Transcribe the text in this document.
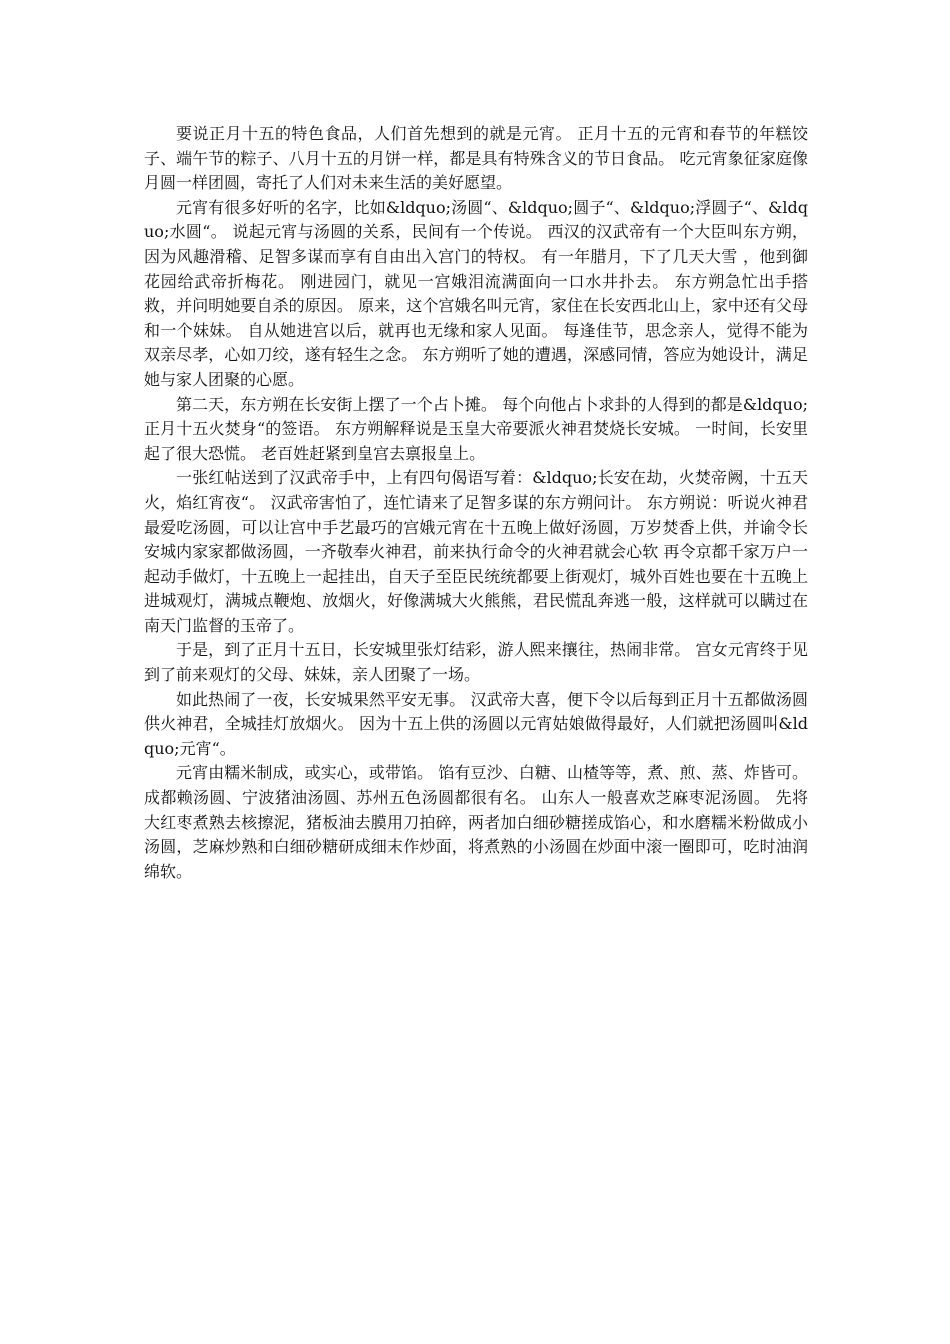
要说正月十五的特色食品，人们首先想到的就是元宵。 正月十五的元宵和春节的年糕饺子、端午节的粽子、八月十五的月饼一样，都是具有特殊含义的节日食品。 吃元宵象征家庭像月圆一样团圆，寄托了人们对未来生活的美好愿望。

元宵有很多好听的名字，比如&ldquo;汤圆“、&ldquo;圆子“、&ldquo;浮圆子“、&ldquo;水圆“。 说起元宵与汤圆的关系，民间有一个传说。 西汉的汉武帝有一个大臣叫东方朔，因为风趣滑稽、足智多谋而享有自由出入宫门的特权。 有一年腊月，下了几天大雪 ，他到御花园给武帝折梅花。 刚进园门，就见一宫娥泪流满面向一口水井扑去。 东方朔急忙出手搭救，并问明她要自杀的原因。 原来，这个宫娥名叫元宵，家住在长安西北山上，家中还有父母和一个妹妹。 自从她进宫以后，就再也无缘和家人见面。 每逢佳节，思念亲人，觉得不能为双亲尽孝，心如刀绞，遂有轻生之念。 东方朔听了她的遭遇，深感同情，答应为她设计，满足她与家人团聚的心愿。

第二天，东方朔在长安街上摆了一个占卜摊。 每个向他占卜求卦的人得到的都是&ldquo;正月十五火焚身“的签语。 东方朔解释说是玉皇大帝要派火神君焚烧长安城。 一时间，长安里起了很大恐慌。 老百姓赶紧到皇宫去禀报皇上。

一张红帖送到了汉武帝手中，上有四句偈语写着：&ldquo;长安在劫，火焚帝阙，十五天火，焰红宵夜“。 汉武帝害怕了，连忙请来了足智多谋的东方朔问计。 东方朔说：听说火神君最爱吃汤圆，可以让宫中手艺最巧的宫娥元宵在十五晚上做好汤圆，万岁焚香上供，并谕令长安城内家家都做汤圆，一齐敬奉火神君，前来执行命令的火神君就会心软 再令京都千家万户一起动手做灯，十五晚上一起挂出，自天子至臣民统统都要上街观灯，城外百姓也要在十五晚上进城观灯，满城点鞭炮、放烟火，好像满城大火熊熊，君民慌乱奔逃一般，这样就可以瞒过在南天门监督的玉帝了。

于是，到了正月十五日，长安城里张灯结彩，游人熙来攘往，热闹非常。 宫女元宵终于见到了前来观灯的父母、妹妹，亲人团聚了一场。

如此热闹了一夜，长安城果然平安无事。 汉武帝大喜，便下令以后每到正月十五都做汤圆供火神君，全城挂灯放烟火。 因为十五上供的汤圆以元宵姑娘做得最好，人们就把汤圆叫&ldquo;元宵“。

元宵由糯米制成，或实心，或带馅。 馅有豆沙、白糖、山楂等等，煮、煎、蒸、炸皆可。 成都赖汤圆、宁波猪油汤圆、苏州五色汤圆都很有名。 山东人一般喜欢芝麻枣泥汤圆。 先将大红枣煮熟去核擦泥，猪板油去膜用刀拍碎，两者加白细砂糖搓成馅心，和水磨糯米粉做成小汤圆，芝麻炒熟和白细砂糖研成细末作炒面，将煮熟的小汤圆在炒面中滚一圈即可，吃时油润绵软。
